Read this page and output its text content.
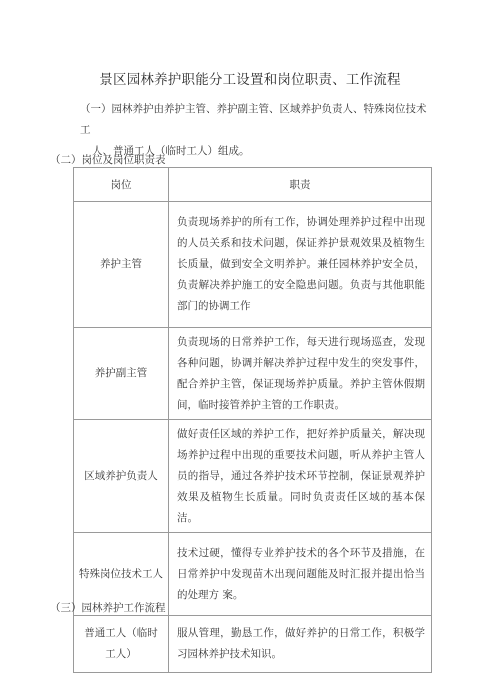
景区园林养护职能分工设置和岗位职责、工作流程
（一）园林养护由养护主管、养护副主管、区域养护负责人、特殊岗位技术工
人、普通工人（临时工人）组成。
（二）岗位及岗位职责表
岗位	职责
养护主管	负责现场养护的所有工作，协调处理养护过程中出现的人员关系和技术问题，保证养护景观效果及植物生长质量，做到安全文明养护。兼任园林养护安全员，负责解决养护施工的安全隐患问题。负责与其他职能部门的协调工作
养护副主管	负责现场的日常养护工作，每天进行现场巡查，发现各种问题，协调并解决养护过程中发生的突发事件，配合养护主管，保证现场养护质量。养护主管休假期间，临时接管养护主管的工作职责。
区域养护负责人	做好责任区域的养护工作，把好养护质量关，解决现场养护过程中出现的重要技术问题，听从养护主管人员的指导，通过各养护技术环节控制，保证景观养护效果及植物生长质量。同时负责责任区域的基本保洁。
特殊岗位技术工人	技术过硬，懂得专业养护技术的各个环节及措施，在日常养护中发现苗木出现问题能及时汇报并提出恰当的处理方 案。
普通工人（临时工人）	服从管理，勤恳工作，做好养护的日常工作，积极学习园林养护技术知识。
（三）园林养护工作流程
